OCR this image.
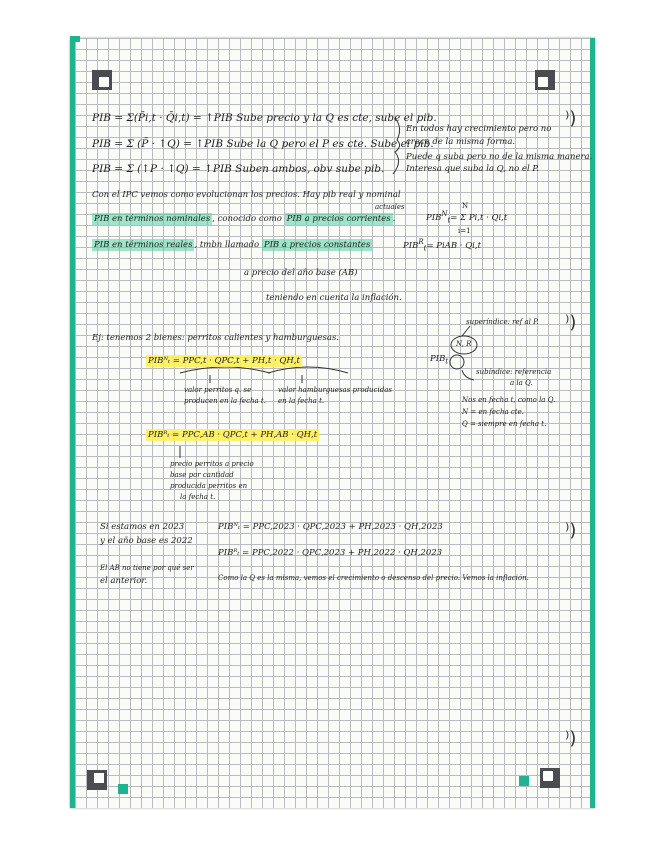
⁾)
⁾)
⁾)
⁾)
PIB = Σ(P̄i,t · Q̄i,t) = ↑PIB Sube precio y la Q es cte, sube el pib.
PIB = Σ (P̄ · ↑Q) = ↑PIB Sube la Q pero el P es cte. Sube el pib.
PIB = Σ (↑P · ↑Q) = ↑PIB Suben ambos, obv sube pib.
En todos hay crecimiento pero no
crece de la misma forma.
Puede q suba pero no de la misma manera.
Interesa que suba la Q, no el P.
Con el IPC vemos como evolucionan los precios. Hay pib real y nominal
actuales
PIB en términos nominales , conocido como PIB a precios corrientes .	$PIB^N_t= \Sigma$ Pi,t · Qi,t
N
i=1
PIB en términos reales , tmbn llamado PIB a precios constantes	$PIB^R_t=$ PiAB · Qi,t
a precio del año base (AB)
teniendo en cuenta la inflación.
superíndice: ref al P.
N, R
$PIB_t$
subíndice: referencia
a la Q.
Nos en fecha t, como la Q.
N = en fecha cte.
Q = siempre en fecha t.
Ej: tenemos 2 bienes: perritos calientes y hamburguesas.
PIBᴺₜ = PPC,t · QPC,t + PH,t · QH,t
valor perritos q. se
producen en la fecha t.
valor hamburguesas producidas
en la fecha t.
PIBᴿₜ = PPC,AB · QPC,t + PH,AB · QH,t
precio perritos a precio
base por cantidad
producida perritos en
la fecha t.
Si estamos en 2023
y el año base es 2022
PIBᴺₜ = PPC,2023 · QPC,2023 + PH,2023 · QH,2023
PIBᴿₜ = PPC,2022 · QPC,2023 + PH,2022 · QH,2023
El AB no tiene por qué ser
el anterior.	Como la Q es la misma, vemos el crecimiento o descenso del precio. Vemos la inflación.
